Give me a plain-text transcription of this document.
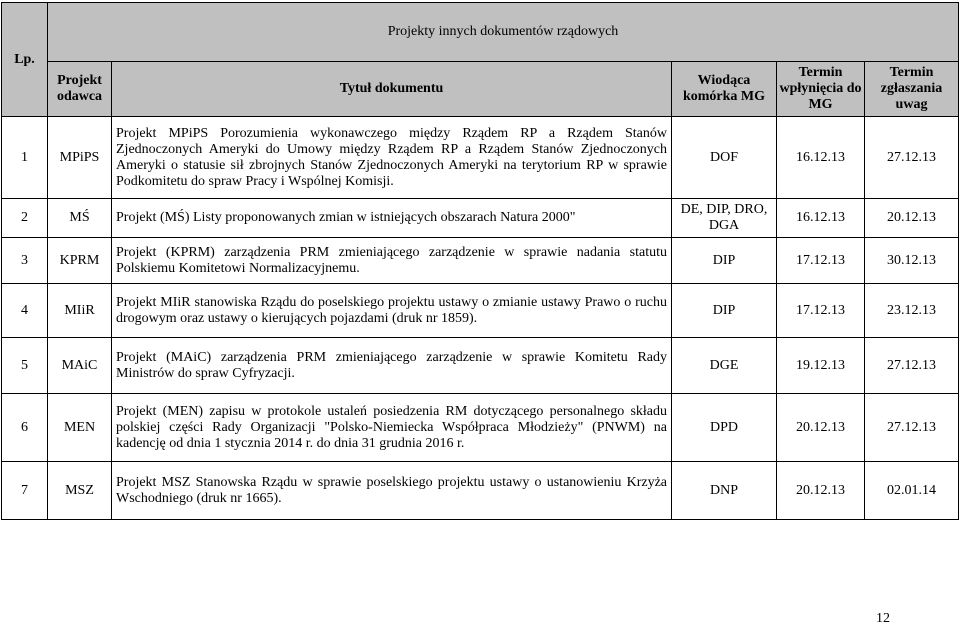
Lp.	Projekty innych dokumentów rządowych				
	Projekt odawca	Tytuł dokumentu	Wiodąca komórka MG	Termin wpłynięcia do MG	Termin zgłaszania uwag
1	MPiPS	Projekt MPiPS Porozumienia wykonawczego między Rządem RP a Rządem Stanów Zjednoczonych Ameryki do Umowy między Rządem RP a Rządem Stanów Zjednoczonych Ameryki o statusie sił zbrojnych Stanów Zjednoczonych Ameryki na terytorium RP w sprawie Podkomitetu do spraw Pracy i Wspólnej Komisji.	DOF	16.12.13	27.12.13
2	MŚ	Projekt (MŚ) Listy proponowanych zmian w istniejących obszarach Natura 2000"	DE, DIP, DRO, DGA	16.12.13	20.12.13
3	KPRM	Projekt (KPRM) zarządzenia PRM zmieniającego zarządzenie w sprawie nadania statutu Polskiemu Komitetowi Normalizacyjnemu.	DIP	17.12.13	30.12.13
4	MIiR	Projekt MIiR stanowiska Rządu do poselskiego projektu ustawy o zmianie ustawy Prawo o ruchu drogowym oraz ustawy o kierujących pojazdami (druk nr 1859).	DIP	17.12.13	23.12.13
5	MAiC	Projekt (MAiC) zarządzenia PRM zmieniającego zarządzenie w sprawie Komitetu Rady Ministrów do spraw Cyfryzacji.	DGE	19.12.13	27.12.13
6	MEN	Projekt (MEN) zapisu w protokole ustaleń posiedzenia RM dotyczącego personalnego składu polskiej części Rady Organizacji "Polsko-Niemiecka Współpraca Młodzieży" (PNWM) na kadencję od dnia 1 stycznia 2014 r. do dnia 31 grudnia 2016 r.	DPD	20.12.13	27.12.13
7	MSZ	Projekt MSZ Stanowska Rządu w sprawie poselskiego projektu ustawy o ustanowieniu Krzyża Wschodniego (druk nr 1665).	DNP	20.12.13	02.01.14
12
